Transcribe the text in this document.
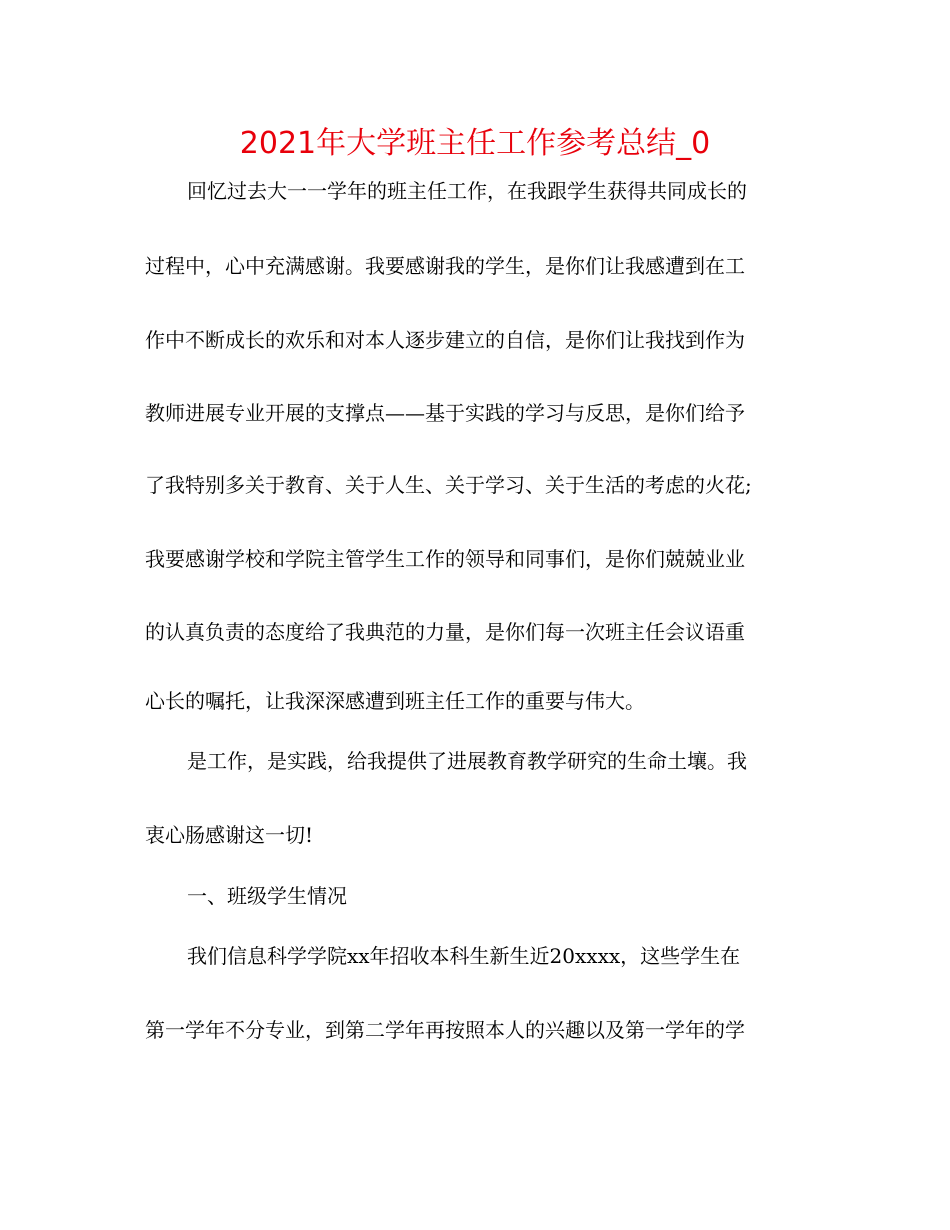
2021年大学班主任工作参考总结_0
回忆过去大一一学年的班主任工作，在我跟学生获得共同成长的
过程中，心中充满感谢。我要感谢我的学生，是你们让我感遭到在工
作中不断成长的欢乐和对本人逐步建立的自信，是你们让我找到作为
教师进展专业开展的支撑点——基于实践的学习与反思，是你们给予
了我特别多关于教育、关于人生、关于学习、关于生活的考虑的火花;
我要感谢学校和学院主管学生工作的领导和同事们，是你们兢兢业业
的认真负责的态度给了我典范的力量，是你们每一次班主任会议语重
心长的嘱托，让我深深感遭到班主任工作的重要与伟大。
是工作，是实践，给我提供了进展教育教学研究的生命土壤。我
衷心肠感谢这一切!
一、班级学生情况
我们信息科学学院xx年招收本科生新生近20xxxx，这些学生在
第一学年不分专业，到第二学年再按照本人的兴趣以及第一学年的学
